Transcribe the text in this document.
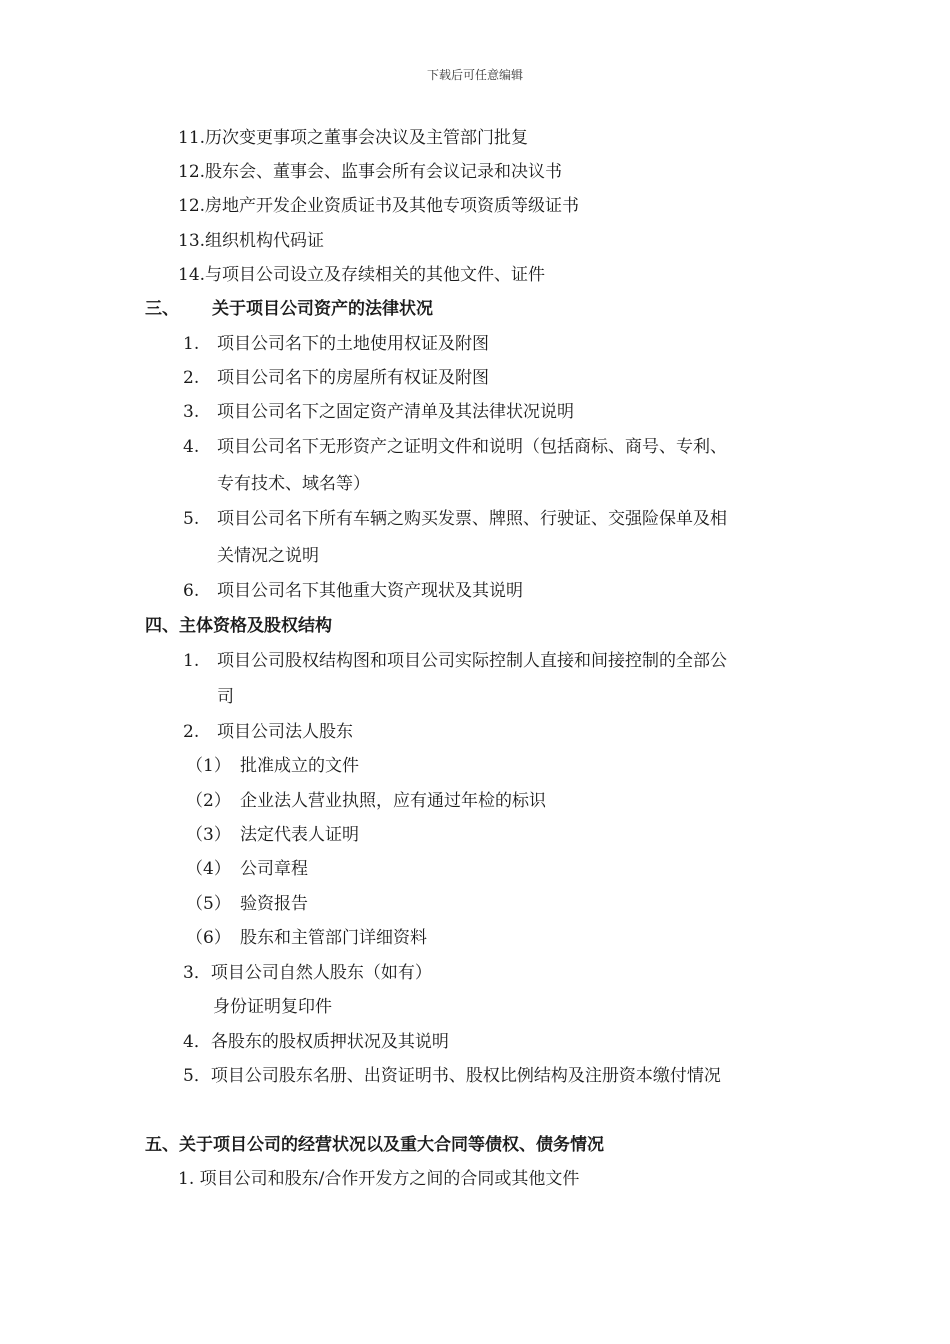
下载后可任意编辑
11.历次变更事项之董事会决议及主管部门批复
12.股东会、董事会、监事会所有会议记录和决议书
12.房地产开发企业资质证书及其他专项资质等级证书
13.组织机构代码证
14.与项目公司设立及存续相关的其他文件、证件
三、 关于项目公司资产的法律状况
1. 项目公司名下的土地使用权证及附图
2. 项目公司名下的房屋所有权证及附图
3. 项目公司名下之固定资产清单及其法律状况说明
4. 项目公司名下无形资产之证明文件和说明（包括商标、商号、专利、
专有技术、域名等）
5. 项目公司名下所有车辆之购买发票、牌照、行驶证、交强险保单及相
关情况之说明
6. 项目公司名下其他重大资产现状及其说明
四、主体资格及股权结构
1. 项目公司股权结构图和项目公司实际控制人直接和间接控制的全部公
司
2. 项目公司法人股东
（1） 批准成立的文件
（2） 企业法人营业执照，应有通过年检的标识
（3） 法定代表人证明
（4） 公司章程
（5） 验资报告
（6） 股东和主管部门详细资料
3．项目公司自然人股东（如有）
身份证明复印件
4．各股东的股权质押状况及其说明
5．项目公司股东名册、出资证明书、股权比例结构及注册资本缴付情况
五、关于项目公司的经营状况以及重大合同等债权、债务情况
1. 项目公司和股东/合作开发方之间的合同或其他文件
